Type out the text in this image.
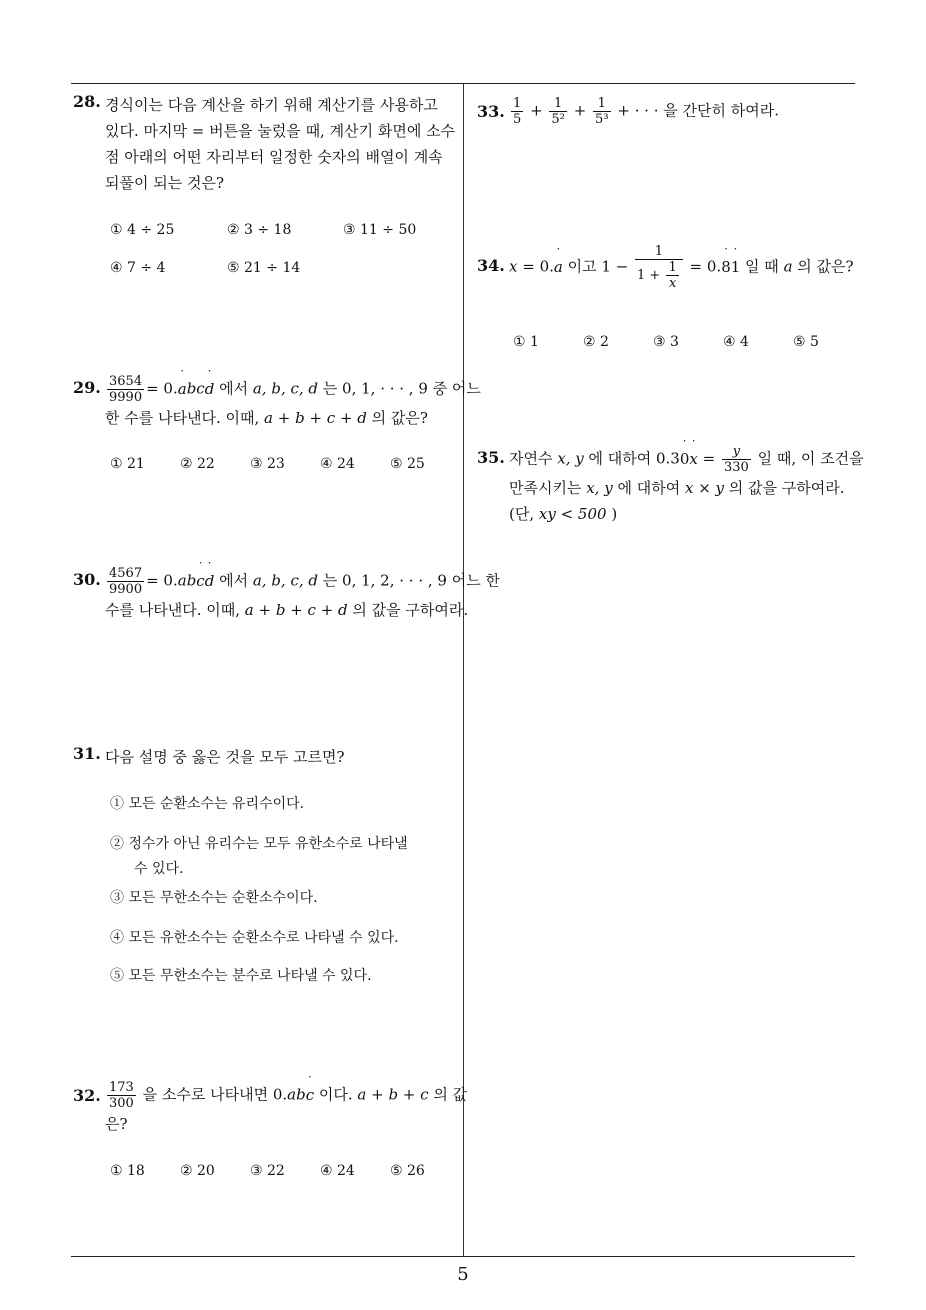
28. 경식이는 다음 계산을 하기 위해 계산기를 사용하고
있다. 마지막 = 버튼을 눌렀을 때, 계산기 화면에 소수
점 아래의 어떤 자리부터 일정한 숫자의 배열이 계속
되풀이 되는 것은?
① 4 ÷ 25	② 3 ÷ 18	③ 11 ÷ 50
④ 7 ÷ 4	⑤ 21 ÷ 14
29. $\frac{3654}{9990}$ = 0.˙ abc˙ d 에서 a, b, c, d 는 0, 1, · · · , 9 중 어느
한 수를 나타낸다. 이때, a + b + c + d 의 값은?
① 21	② 22	③ 23	④ 24	⑤ 25
30. $\frac{4567}{9900}$ = 0.ab˙ c˙ d 에서 a, b, c, d 는 0, 1, 2, · · · , 9 어느 한
수를 나타낸다. 이때, a + b + c + d 의 값을 구하여라.
31. 다음 설명 중 옳은 것을 모두 고르면?
① 모든 순환소수는 유리수이다.
② 정수가 아닌 유리수는 모두 유한소수로 나타낼
수 있다.
③ 모든 무한소수는 순환소수이다.
④ 모든 유한소수는 순환소수로 나타낼 수 있다.
⑤ 모든 무한소수는 분수로 나타낼 수 있다.
32. $\frac{173}{300}$ 을 소수로 나타내면 0.ab˙ c 이다. a + b + c 의 값
은?
① 18	② 20	③ 22	④ 24	⑤ 26
33. $\frac{1}{5} + \frac{1}{\text{5²}} + \frac{1}{\text{5³}}$ + · · · 을 간단히 하여라.
34. x = 0.˙ a 이고 $1 - \frac{1}{1 + \frac{1}{x}}$ = 0.˙ 8˙ 1 일 때 a 의 값은?
① 1	② 2	③ 3	④ 4	⑤ 5
35. 자연수 x, y 에 대하여 0.3˙ 0˙ $x = \frac{y}{330}$ 일 때, 이 조건을
만족시키는 x, y 에 대하여 x × y 의 값을 구하여라.
(단, xy < 500 )
5
